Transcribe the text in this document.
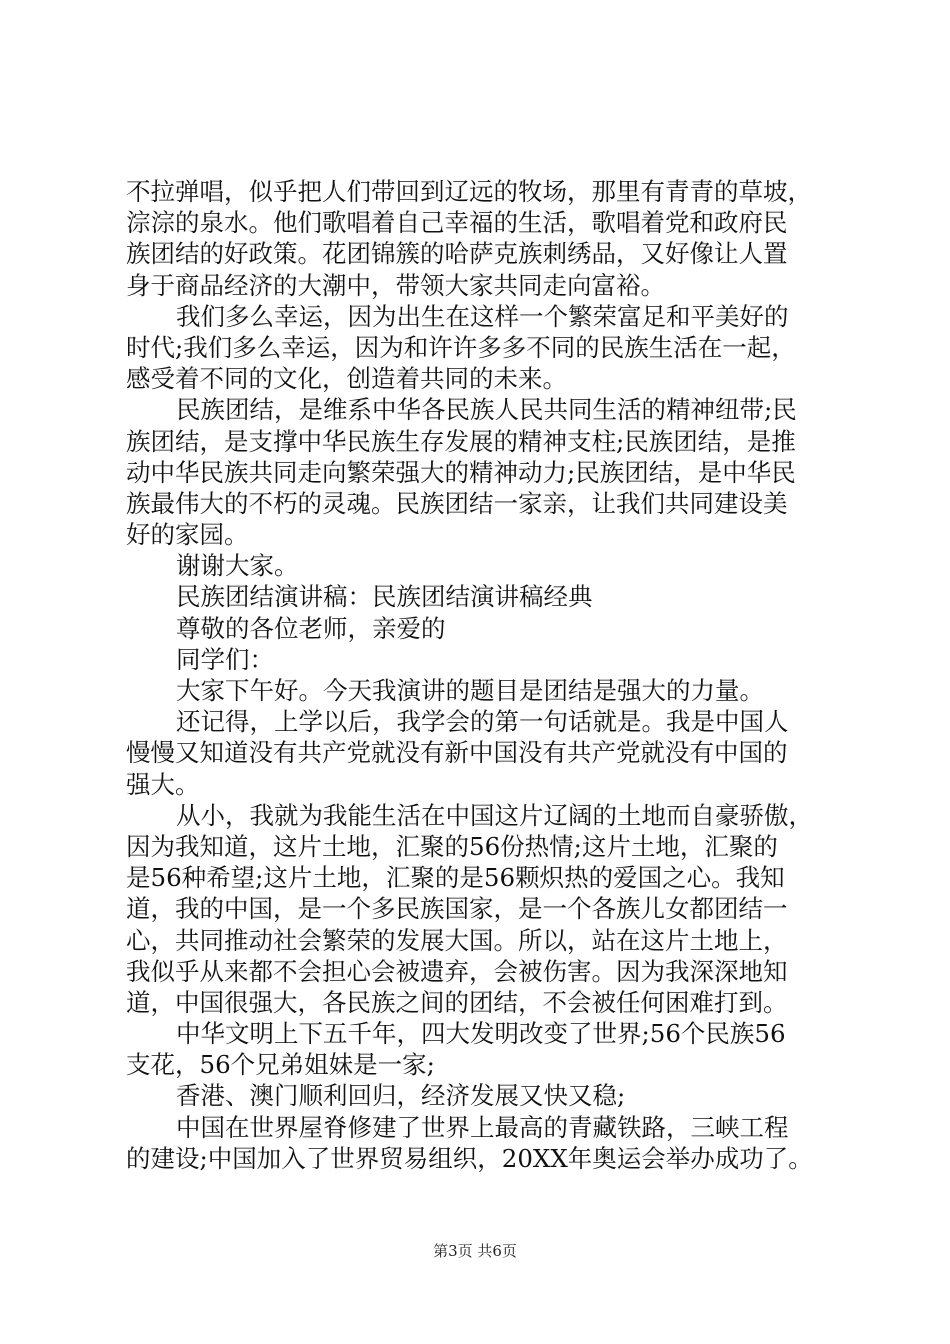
不拉弹唱，似乎把人们带回到辽远的牧场，那里有青青的草坡，
淙淙的泉水。他们歌唱着自己幸福的生活，歌唱着党和政府民
族团结的好政策。花团锦簇的哈萨克族刺绣品，又好像让人置
身于商品经济的大潮中，带领大家共同走向富裕。
我们多么幸运，因为出生在这样一个繁荣富足和平美好的
时代;我们多么幸运，因为和许许多多不同的民族生活在一起，
感受着不同的文化，创造着共同的未来。
民族团结，是维系中华各民族人民共同生活的精神纽带;民
族团结，是支撑中华民族生存发展的精神支柱;民族团结，是推
动中华民族共同走向繁荣强大的精神动力;民族团结，是中华民
族最伟大的不朽的灵魂。民族团结一家亲，让我们共同建设美
好的家园。
谢谢大家。
民族团结演讲稿：民族团结演讲稿经典
尊敬的各位老师，亲爱的
同学们：
大家下午好。今天我演讲的题目是团结是强大的力量。
还记得，上学以后，我学会的第一句话就是。我是中国人
慢慢又知道没有共产党就没有新中国没有共产党就没有中国的
强大。
从小，我就为我能生活在中国这片辽阔的土地而自豪骄傲，
因为我知道，这片土地，汇聚的56份热情;这片土地，汇聚的
是56种希望;这片土地，汇聚的是56颗炽热的爱国之心。我知
道，我的中国，是一个多民族国家，是一个各族儿女都团结一
心，共同推动社会繁荣的发展大国。所以，站在这片土地上，
我似乎从来都不会担心会被遗弃，会被伤害。因为我深深地知
道，中国很强大，各民族之间的团结，不会被任何困难打到。
中华文明上下五千年，四大发明改变了世界;56个民族56
支花，56个兄弟姐妹是一家;
香港、澳门顺利回归，经济发展又快又稳;
中国在世界屋脊修建了世界上最高的青藏铁路，三峡工程
的建设;中国加入了世界贸易组织，20XX年奥运会举办成功了。
第3页 共6页
